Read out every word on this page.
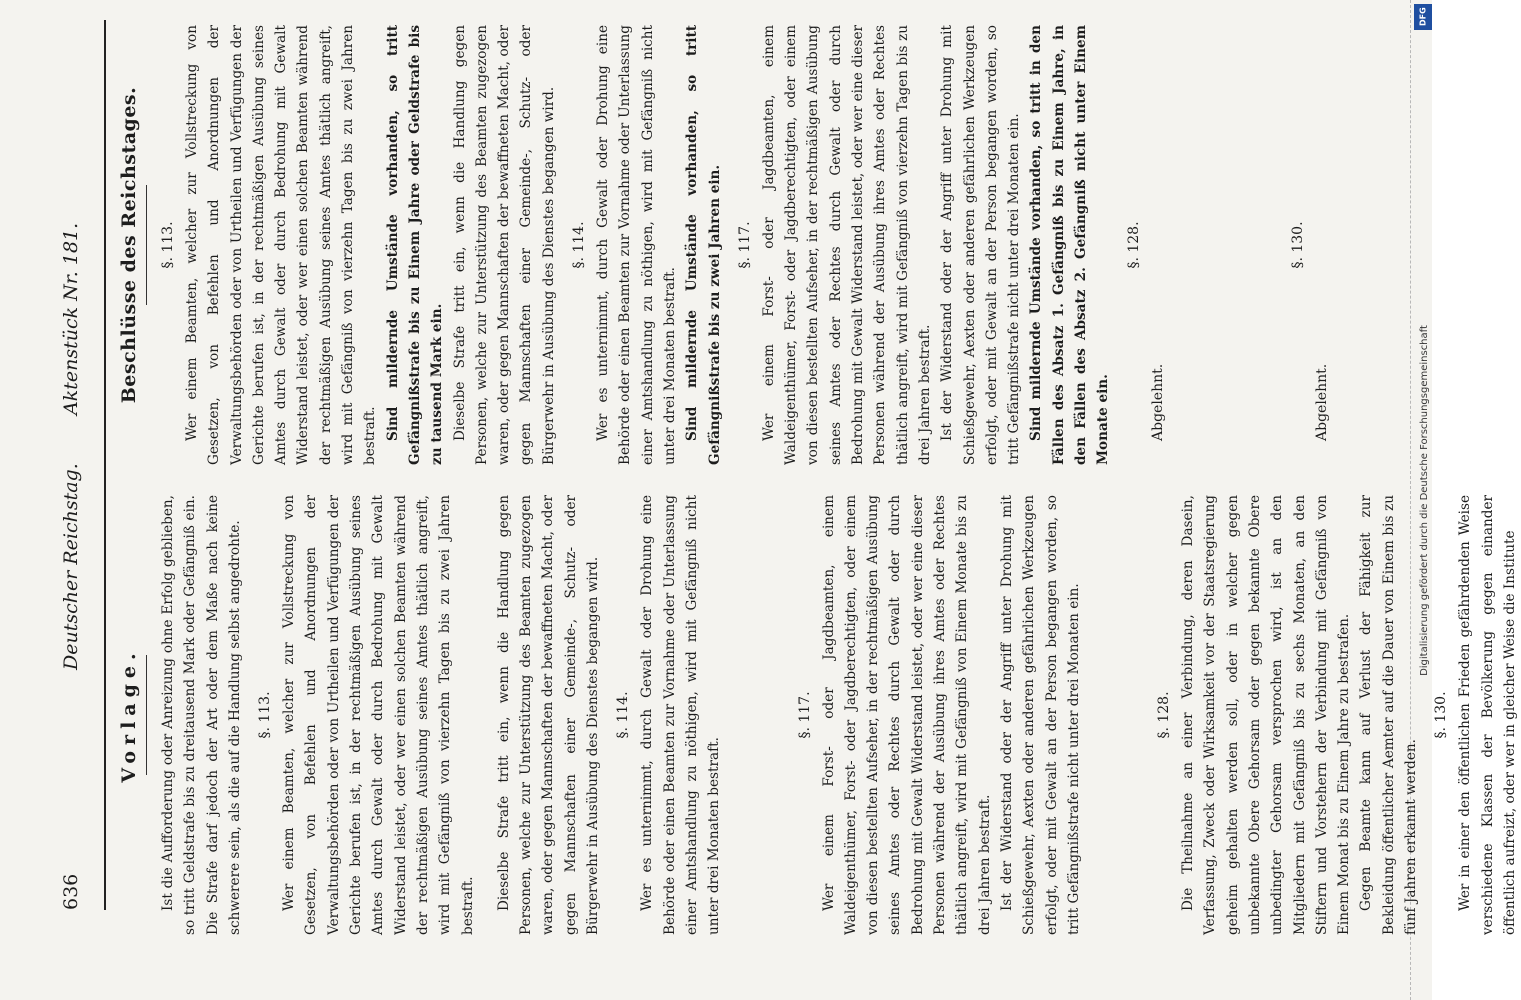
636
Deutscher Reichstag.
Aktenstück Nr. 181.
Vorlage. Ist die Aufforderung oder Anreizung ohne Erfolg geblieben, so tritt Geldstrafe bis zu dreitausend Mark oder Gefängniß ein. Die Strafe darf jedoch der Art oder dem Maße nach keine schwerere sein, als die auf die Handlung selbst angedrohte. §. 113. Wer einem Beamten, welcher zur Vollstreckung von Gesetzen, von Befehlen und Anordnungen der Verwaltungsbehörden oder von Urtheilen und Verfügungen der Gerichte berufen ist, in der rechtmäßigen Ausübung seines Amtes durch Gewalt oder durch Bedrohung mit Gewalt Widerstand leistet, oder wer einen solchen Beamten während der rechtmäßigen Ausübung seines Amtes thätlich angreift, wird mit Gefängniß von vierzehn Tagen bis zu zwei Jahren bestraft. Dieselbe Strafe tritt ein, wenn die Handlung gegen Personen, welche zur Unterstützung des Beamten zugezogen waren, oder gegen Mannschaften der bewaffneten Macht, oder gegen Mannschaften einer Gemeinde-, Schutz- oder Bürgerwehr in Ausübung des Dienstes begangen wird. §. 114. Wer es unternimmt, durch Gewalt oder Drohung eine Behörde oder einen Beamten zur Vornahme oder Unterlassung einer Amtshandlung zu nöthigen, wird mit Gefängniß nicht unter drei Monaten bestraft.

§. 117. Wer einem Forst- oder Jagdbeamten, einem Waldeigenthümer, Forst- oder Jagdberechtigten, oder einem von diesen bestellten Aufseher, in der rechtmäßigen Ausübung seines Amtes oder Rechtes durch Gewalt oder durch Bedrohung mit Gewalt Widerstand leistet, oder wer eine dieser Personen während der Ausübung ihres Amtes oder Rechtes thätlich angreift, wird mit Gefängniß von Einem Monate bis zu drei Jahren bestraft. Ist der Widerstand oder der Angriff unter Drohung mit Schießgewehr, Aexten oder anderen gefährlichen Werkzeugen erfolgt, oder mit Gewalt an der Person begangen worden, so tritt Gefängnißstrafe nicht unter drei Monaten ein.	§. 128. Die Theilnahme an einer Verbindung, deren Dasein, Verfassung, Zweck oder Wirksamkeit vor der Staatsregierung geheim gehalten werden soll, oder in welcher gegen unbekannte Obere Gehorsam oder gegen bekannte Obere unbedingter Gehorsam versprochen wird, ist an den Mitgliedern mit Gefängniß bis zu sechs Monaten, an den Stiftern und Vorstehern der Verbindung mit Gefängniß von Einem Monat bis zu Einem Jahre zu bestrafen. Gegen Beamte kann auf Verlust der Fähigkeit zur Bekleidung öffentlicher Aemter auf die Dauer von Einem bis zu fünf Jahren erkannt werden.

§. 130. Wer in einer den öffentlichen Frieden gefährdenden Weise verschiedene Klassen der Bevölkerung gegen einander öffentlich aufreizt, oder wer in gleicher Weise die Institute

Beschlüsse des Reichstages. §. 113. Wer einem Beamten, welcher zur Vollstreckung von Gesetzen, von Befehlen und Anordnungen der Verwaltungsbehörden oder von Urtheilen und Verfügungen der Gerichte berufen ist, in der rechtmäßigen Ausübung seines Amtes durch Gewalt oder durch Bedrohung mit Gewalt Widerstand leistet, oder wer einen solchen Beamten während der rechtmäßigen Ausübung seines Amtes thätlich angreift, wird mit Gefängniß von vierzehn Tagen bis zu zwei Jahren bestraft. Sind mildernde Umstände vorhanden, so tritt Gefängnißstrafe bis zu Einem Jahre oder Geldstrafe bis zu tausend Mark ein. Dieselbe Strafe tritt ein, wenn die Handlung gegen Personen, welche zur Unterstützung des Beamten zugezogen waren, oder gegen Mannschaften der bewaffneten Macht, oder gegen Mannschaften einer Gemeinde-, Schutz- oder Bürgerwehr in Ausübung des Dienstes begangen wird. §. 114. Wer es unternimmt, durch Gewalt oder Drohung eine Behörde oder einen Beamten zur Vornahme oder Unterlassung einer Amtshandlung zu nöthigen, wird mit Gefängniß nicht unter drei Monaten bestraft. Sind mildernde Umstände vorhanden, so tritt Gefängnißstrafe bis zu zwei Jahren ein. §. 117. Wer einem Forst- oder Jagdbeamten, einem Waldeigenthümer, Forst- oder Jagdberechtigten, oder einem von diesen bestellten Aufseher, in der rechtmäßigen Ausübung seines Amtes oder Rechtes durch Gewalt oder durch Bedrohung mit Gewalt Widerstand leistet, oder wer eine dieser Personen während der Ausübung ihres Amtes oder Rechtes thätlich angreift, wird mit Gefängniß von vierzehn Tagen bis zu drei Jahren bestraft. Ist der Widerstand oder der Angriff unter Drohung mit Schießgewehr, Aexten oder anderen gefährlichen Werkzeugen erfolgt, oder mit Gewalt an der Person begangen worden, so tritt Gefängnißstrafe nicht unter drei Monaten ein. Sind mildernde Umstände vorhanden, so tritt in den Fällen des Absatz 1. Gefängniß bis zu Einem Jahre, in den Fällen des Absatz 2. Gefängniß nicht unter Einem Monate ein.

§. 128.

Abgelehnt.

§. 130.

Abgelehnt.

DFG
Digitalisierung gefördert durch die Deutsche Forschungsgemeinschaft
